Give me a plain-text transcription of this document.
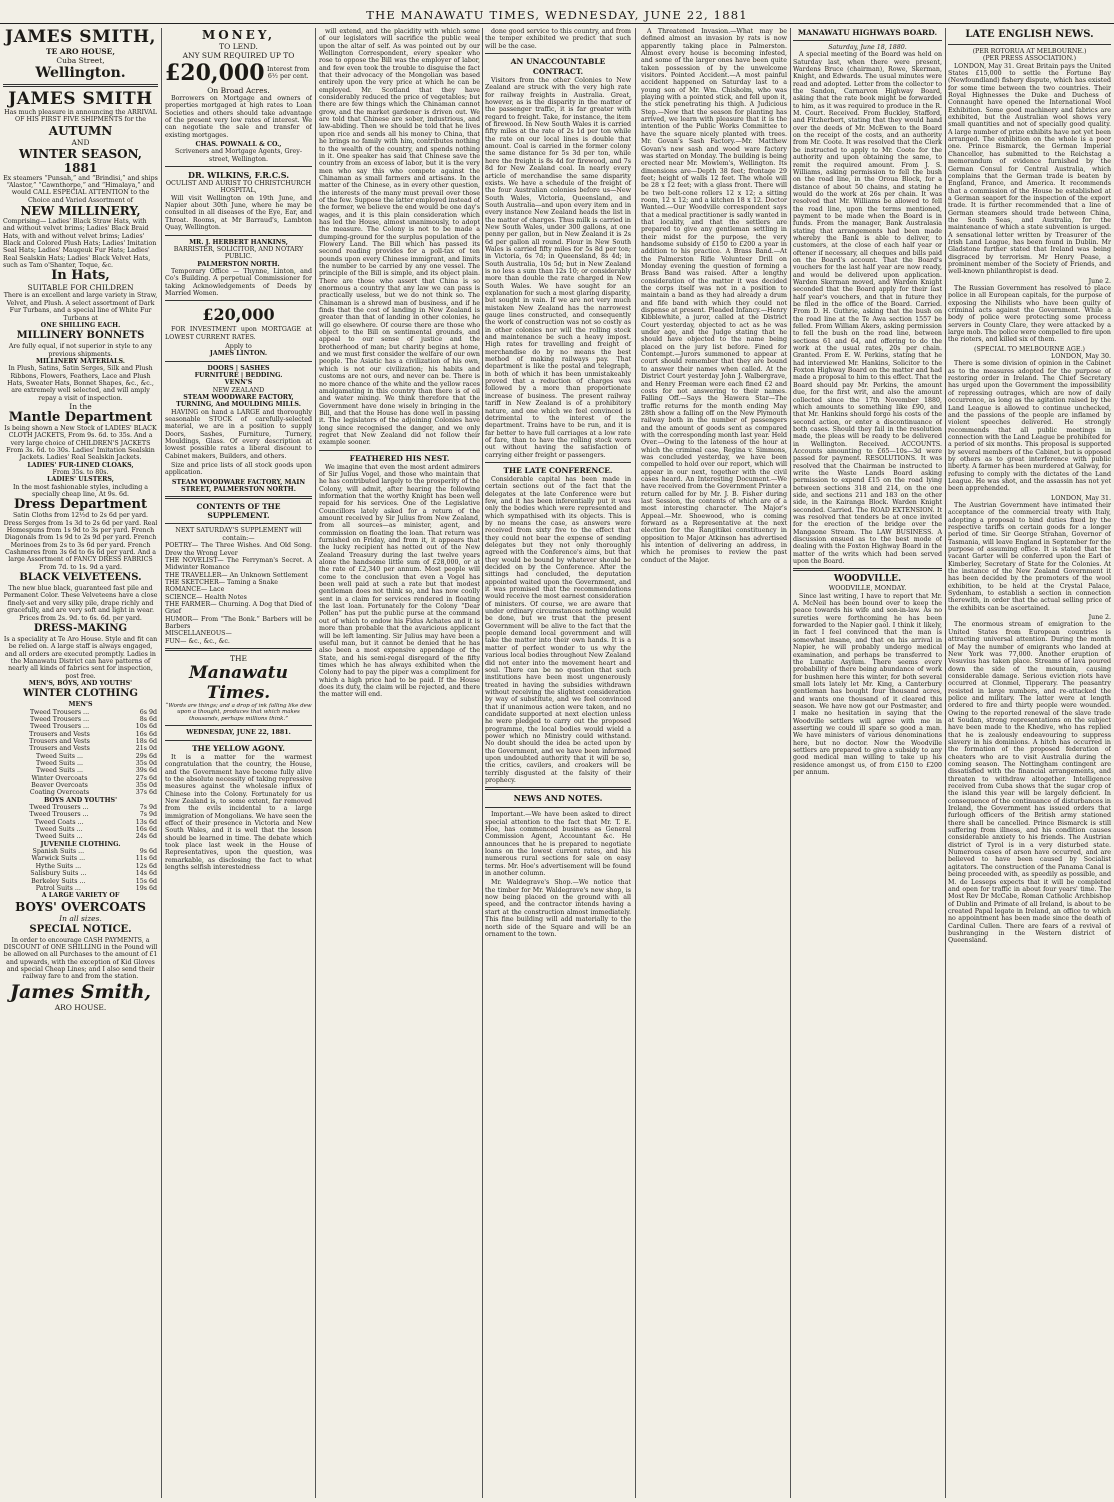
THE MANAWATU TIMES, WEDNESDAY, JUNE 22, 1881
JAMES SMITH,
TE ARO HOUSE,
Cuba Street,
Wellington.
JAMES SMITH
Has much pleasure in announcing the ARRIVAL OF HIS FIRST FIVE SHIPMENTS for the
AUTUMN
AND
WINTER SEASON,
1881
Ex steamers “Punsah,” and “Brindisi,” and ships “Alastor,” “Cawnthorpe,” and “Himalaya,” and would CALL ESPECIAL ATTENTION to the Choice and Varied Assortment of
NEW MILLINERY,
Comprising— Ladies' Black Straw Hats, with and without velvet brims; Ladies' Black Braid Hats, with and without velvet brims; Ladies' Black and Colored Plush Hats; Ladies' Imitation Seal Hats; Ladies' Maugeuk Fur Hats; Ladies' Real Sealskin Hats; Ladies' Black Velvet Hats, such as Tam o'Shanter, Toque, &c.
In Hats,
SUITABLE FOR CHILDREN
There is an excellent and large variety in Straw, Velvet, and Plush. A select assortment of Dark Fur Turbans, and a special line of White Fur Turbans at
ONE SHILLING EACH.
MILLINERY BONNETS
Are fully equal, if not superior in style to any previous shipments.
MILLINERY MATERIALS.
In Plush, Satins, Satin Serges, Silk and Plush Ribbons, Flowers, Feathers, Lace and Plush Hats, Sweater Hats, Bonnet Shapes, &c., &c., are extremely well selected, and will amply repay a visit of inspection.
In the
Mantle Department
Is being shown a New Stock of LADIES' BLACK CLOTH JACKETS, From 9s. 6d. to 35s. And a very large choice of CHILDREN'S JACKETS From 3s. 6d. to 30s. Ladies' Imitation Sealskin Jackets. Ladies' Real Sealskin Jackets.
LADIES' FUR-LINED CLOAKS,
From 35s. to 80s.
LADIES' ULSTERS,
In the most fashionable styles, including a specially cheap line, At 9s. 6d.
Dress Department
Satin Cloths from 12½d to 2s 6d per yard. Dress Serges from 1s 3d to 2s 6d per yard. Real Homespuns from 1s 9d to 3s per yard. French Diagonals from 1s 9d to 2s 9d per yard. French Merinoes from 2s to 3s 6d per yard. French Cashmeres from 3s 6d to 6s 6d per yard. And a large Assortment of FANCY DRESS FABRICS From 7d. to 1s. 9d a yard.
BLACK VELVETEENS.
The new blue black, guaranteed fast pile and Permanent Color. These Velveteens have a close finely-set and very silky pile, drape richly and gracefully, and are very soft and light in wear. Prices from 2s. 9d. to 6s. 6d. per yard.
DRESS-MAKING
Is a speciality at Te Aro House. Style and fit can be relied on. A large staff is always engaged, and all orders are executed promptly. Ladies in the Manawatu District can have patterns of nearly all kinds of fabrics sent for inspection, post free.
MEN'S, BOYS, AND YOUTHS'
WINTER CLOTHING
MEN'S
Tweed Trousers ...	6s 9d
Tweed Trousers ...	8s 6d
Tweed Trousers ...	10s 6d
Trousers and Vests	16s 6d
Trousers and Vests	18s 6d
Trousers and Vests	21s 0d
Tweed Suits ...	29s 6d
Tweed Suits ...	35s 0d
Tweed Suits ...	39s 6d
Winter Overcoats	27s 6d
Beaver Overcoats	35s 0d
Coating Overcoats	37s 6d
BOYS AND YOUTHS'
Tweed Trousers ...	7s 9d
Tweed Trousers ...	7s 9d
Tweed Coats ...	13s 6d
Tweed Suits ...	16s 6d
Tweed Suits ...	24s 6d
JUVENILE CLOTHING.
Spanish Suits ...	9s 6d
Warwick Suits ...	11s 6d
Hythe Suits ...	12s 6d
Salisbury Suits ...	14s 6d
Berkeley Suits ...	15s 6d
Patrol Suits ...	19s 6d
A LARGE VARIETY OF
BOYS' OVERCOATS
In all sizes.
SPECIAL NOTICE.
In order to encourage CASH PAYMENTS, a DISCOUNT of ONE SHILLING in the Pound will be allowed on all Purchases to the amount of £1 and upwards, with the exception of Kid Gloves and special Cheap Lines; and I also send their railway fare to and from the station.
James Smith,
ARO HOUSE.
MONEY,
TO LEND.
ANY SUM REQUIRED UP TO
£20,000 Interest from 6½ per cent.
On Broad Acres.
Borrowers on Mortgage and owners of properties mortgaged at high rates to Loan Societies and others should take advantage of the present very low rates of interest. We can negotiate the sale and transfer of existing mortgages.
CHAS. POWNALL & CO.,
Scriveners and Mortgage Agents, Grey-street, Wellington.
DR. WILKINS, F.R.C.S.
OCULIST AND AURIST TO CHRISTCHURCH HOSPITAL,
Will visit Wellington on 19th June, and Napier about 30th June, where he may be consulted in all diseases of the Eye, Ear, and Throat. Rooms, at Mr Barraud's, Lambton Quay, Wellington.
MR. J. HERBERT HANKINS,
BARRISTER, SOLICITOR, AND NOTARY PUBLIC.
PALMERSTON NORTH.
Temporary Office — Thynne, Linton, and Co's Building. A perpetual Commissioner for taking Acknowledgements of Deeds by Married Women.
£20,000
FOR INVESTMENT upon MORTGAGE at LOWEST CURRENT RATES.
Apply to
JAMES LINTON.
DOORS | SASHES
FURNITURE | BEDDING.
VENN'S
NEW ZEALAND
STEAM WOODWARE FACTORY, TURNING, And MOULDING MILLS.
HAVING on hand a LARGE and thoroughly seasonable STOCK of carefully-selected material, we are in a position to supply Doors, Sashes, Furniture, Turnery, Mouldings, Glass. Of every description at lowest possible rates a liberal discount to Cabinet makers, Builders, and others.
Size and price lists of all stock goods upon application.
STEAM WOODWARE FACTORY, MAIN STREET, PALMERSTON NORTH.
CONTENTS OF THE SUPPLEMENT.
NEXT SATURDAY'S SUPPLEMENT will contain:—
POETRY— The Three Wishes. And Old Song. Drew the Wrong Lever
THE NOVELIST— The Ferryman's Secret. A Midwinter Romance
THE TRAVELLER— An Unknown Settlement
THE SKETCHER— Taming a Snake
ROMANCE— Lace
SCIENCE— Health Notes
THE FARMER— Churning. A Dog that Died of Grief
HUMOR— From “The Bonk.” Barbers will be Barbers
MISCELLANEOUS—
FUN— &c., &c., &c.
THE
Manawatu Times.
“Words are things; and a drop of ink falling like dew upon a thought, produces that which makes thousands, perhaps millions think.”
WEDNESDAY, JUNE 22, 1881.
THE YELLOW AGONY.
It is a matter for the warmest congratulation that the country, the House, and the Government have become fully alive to the absolute necessity of taking repressive measures against the wholesale influx of Chinese into the Colony. Fortunately for us New Zealand is, to some extent, far removed from the evils incidental to a large immigration of Mongolians. We have seen the effect of their presence in Victoria and New South Wales, and it is well that the lesson should be learned in time. The debate which took place last week in the House of Representatives, upon the question, was remarkable, as disclosing the fact to what lengths selfish interestedness
will extend, and the placidity with which some of our legislators will sacrifice the public weal upon the altar of self. As was pointed out by our Wellington Correspondent, every speaker who rose to oppose the Bill was the employer of labor, and few even took the trouble to disguise the fact that their advocacy of the Mongolian was based entirely upon the very price at which he can be employed. Mr. Scotland that they have considerably reduced the price of vegetables; but there are few things which the Chinaman cannot grow, and the market gardener is driven out. We are told that Chinese are sober, industrious, and law-abiding. Then we should be told that he lives upon rice and sends all his money to China, that he brings no family with him, contributes nothing to the wealth of the country, and spends nothing in it. One speaker has said that Chinese save the country from an excess of labor, but it is the very men who say this who compete against the Chinaman as small farmers and artisans. In the matter of the Chinese, as in every other question, the interests of the many must prevail over those of the few. Suppose the latter employed instead of the former, we believe the end would be one day's wages, and it is this plain consideration which has led the House, almost unanimously, to adopt the measure. The Colony is not to be made a dumping-ground for the surplus population of the Flowery Land. The Bill which has passed its second reading provides for a poll-tax of ten pounds upon every Chinese immigrant, and limits the number to be carried by any one vessel. The principle of the Bill is simple, and its object plain. There are those who assert that China is so enormous a country that any law we can pass is practically useless, but we do not think so. The Chinaman is a shrewd man of business, and if he finds that the cost of landing in New Zealand is greater than that of landing in other colonies, he will go elsewhere. Of course there are those who object to the Bill on sentimental grounds, and appeal to our sense of justice and the brotherhood of man; but charity begins at home, and we must first consider the welfare of our own people. The Asiatic has a civilization of his own, which is not our civilization; his habits and customs are not ours, and never can be. There is no more chance of the white and the yellow races amalgamating in this country than there is of oil and water mixing. We think therefore that the Government have done wisely in bringing in the Bill, and that the House has done well in passing it. The legislators of the adjoining Colonies have long since recognised the danger, and we only regret that New Zealand did not follow their example sooner.
FEATHERED HIS NEST.
We imagine that even the most ardent admirers of Sir Julius Vogel, and those who maintain that he has contributed largely to the prosperity of the Colony, will admit, after hearing the following information that the worthy Knight has been well repaid for his services. One of the Legislative Councillors lately asked for a return of the amount received by Sir Julius from New Zealand, from all sources—as minister, agent, and commission on floating the loan. That return was furnished on Friday, and from it, it appears that the lucky recipient has netted out of the New Zealand Treasury during the last twelve years alone the handsome little sum of £28,000, or at the rate of £2,340 per annum. Most people will come to the conclusion that even a Vogel has been well paid at such a rate but that modest gentleman does not think so, and has now coolly sent in a claim for services rendered in floating the last loan. Fortunately for the Colony “Dear Pollen” has put the public purse at the command out of which to endow his Fidus Achates and it is more than probable that the avaricious applicant will be left lamenting. Sir Julius may have been a useful man, but it cannot be denied that he has also been a most expensive appendage of the State, and his semi-regal disregard of the fifty times which he has always exhibited when the Colony had to pay the piper was a compliment for which a high price had to be paid. If the House does its duty, the claim will be rejected, and there the matter will end.
done good service to this country, and from the temper exhibited we predict that such will be the case.
AN UNACCOUNTABLE CONTRACT.
Visitors from the other Colonies to New Zealand are struck with the very high rate for railway freights in Australia. Great, however, as is the disparity in the matter of the passenger traffic, it is far greater with regard to freight. Take, for instance, the item of firewood. In New South Wales it is carried fifty miles at the rate of 2s 1d per ton while the rate on our local lines is double that amount. Coal is carried in the former colony the same distance for 5s 3d per ton, while here the freight is 8s 4d for firewood, and 7s 8d for New Zealand coal. In nearly every article of merchandise the same disparity exists. We have a schedule of the freight of the four Australian colonies before us—New South Wales, Victoria, Queensland, and South Australia—and upon every item and in every instance New Zealand heads the list in the matter of charges. Thus milk is carried in New South Wales, under 300 gallons, at one penny per gallon, but in New Zealand it is 2s 6d per gallon all round. Flour in New South Wales is carried fifty miles for 5s 8d per ton; in Victoria, 6s 7d; in Queensland, 8s 4d; in South Australia, 10s 5d; but in New Zealand is no less a sum than 12s 10; or considerably more than double the rate charged in New South Wales. We have sought for an explanation for such a most glaring disparity, but sought in vain. If we are not very much mistaken New Zealand has the narrowest gauge lines constructed, and consequently the work of construction was not so costly as in other colonies nor will the rolling stock and maintenance be such a heavy impost. High rates for travelling and freight of merchandise do by no means the best method of making railways pay. That department is like the postal and telegraph, in both of which it has been unmistakeably proved that a reduction of charges was followed by a more than proportionate increase of business. The present railway tariff in New Zealand is of a prohibitory nature, and one which we feel convinced is detrimental to the interest of the department. Trains have to be run, and it is far better to have full carriages at a low rate of fare, than to have the rolling stock worn out without having the satisfaction of carrying either freight or passengers.
THE LATE CONFERENCE.
Considerable capital has been made in certain sections out of the fact that the delegates at the late Conference were but few, and it has been inferentially put it was only the bodies which were represented and which sympathised with its objects. This is by no means the case, as answers were received from sixty five to the effect that they could not bear the expense of sending delegates but they not only thoroughly agreed with the Conference's aims, but that they would be bound by whatever should be decided on by the Conference. After the sittings had concluded, the deputation appointed waited upon the Government, and it was promised that the recommendations would receive the most earnest consideration of ministers. Of course, we are aware that under ordinary circumstances nothing would be done, but we trust that the present Government will be alive to the fact that the people demand local government and will take the matter into their own hands. It is a matter of perfect wonder to us why the various local bodies throughout New Zealand did not enter into the movement heart and soul. There can be no question that such institutions have been most ungenerously treated in having the subsidies withdrawn without receiving the slightest consideration by way of substitute, and we feel convinced that if unanimous action were taken, and no candidate supported at next election unless he were pledged to carry out the proposed programme, the local bodies would wield a power which no Ministry could withstand. No doubt should the idea be acted upon by the Government, and we have been informed upon undoubted authority that it will be so, the critics, cavilers, and croakers will be terribly disgusted at the falsity of their prophecy.
NEWS AND NOTES.
Important.—We have been asked to direct special attention to the fact that Mr. T. E. Hoe, has commenced business as General Commission Agent, Accountant &c. He announces that he is prepared to negotiate loans on the lowest current rates, and his numerous rural sections for sale on easy terms. Mr. Hoe's advertisement will be found in another column.
Mr. Waldegrave's Shop.—We notice that the timber for Mr. Waldegrave's new shop, is now being placed on the ground with all speed, and the contractor intends having a start at the construction almost immediately. This fine building will add materially to the north side of the Square and will be an ornament to the town.
A Threatened Invasion.—What may be defined almost an invasion by rats is now apparently taking place in Palmerston. Almost every house is becoming infested, and some of the larger ones have been quite taken possession of by the unwelcome visitors. Pointed Accident.—A most painful accident happened on Saturday last to a young son of Mr. Wm. Chisholm, who was playing with a pointed stick, and fell upon it, the stick penetrating his thigh. A Judicious Step.—Now that the season for planting has arrived, we learn with pleasure that it is the intention of the Public Works Committee to have the square nicely planted with trees. Mr. Govan's Sash Factory.—Mr. Matthew Govan's new sash and wood ware factory was started on Monday. The building is being erected near Mr. Mowlem's, Wellington. Its dimensions are—Depth 38 feet; frontage 29 feet; height of walls 12 feet. The whole will be 28 x 12 feet; with a glass front. There will be two belt-cone rollers 12 x 12; a sitting room, 12 x 12; and a kitchen 18 x 12. Doctor Wanted.—Our Woodville correspondent says that a medical practitioner is sadly wanted in that locality, and that the settlers are prepared to give any gentleman settling in their midst for the purpose, the very handsome subsidy of £150 to £200 a year in addition to his practice. A Brass Band.—At the Palmerston Rifle Volunteer Drill on Monday evening the question of forming a Brass Band was raised. After a lengthy consideration of the matter it was decided the corps itself was not in a position to maintain a band as they had already a drum and fife band with which they could not dispense at present. Pleaded Infancy.—Henry Kibblewhite, a juror, called at the District Court yesterday, objected to act as he was under age, and the Judge stating that he should have objected to the name being placed on the jury list before. Fined for Contempt.—Jurors summoned to appear at court should remember that they are bound to answer their names when called. At the District Court yesterday John J. Walbergrave, and Henry Freeman were each fined £2 and costs for not answering to their names. Falling Off.—Says the Hawera Star—The traffic returns for the month ending May 28th show a falling off on the New Plymouth railway both in the number of passengers and the amount of goods sent as compared with the corresponding month last year. Held Over.—Owing to the lateness of the hour at which the criminal case, Regina v. Simmons, was concluded yesterday, we have been compelled to hold over our report, which will appear in our next, together with the civil cases heard. An Interesting Document.—We have received from the Government Printer a return called for by Mr. J. B. Fisher during last Session, the contents of which are of a most interesting character. The Major's Appeal.—Mr. Shoewood, who is coming forward as a Representative at the next election for the Rangitikei constituency in opposition to Major Atkinson has advertised his intention of delivering an address, in which he promises to review the past conduct of the Major.
MANAWATU HIGHWAYS BOARD.
Saturday, June 18, 1880.
A special meeting of the Board was held on Saturday last, when there were present, Wardens Bruce (chairman), Rowe, Skerman, Knight, and Edwards. The usual minutes were read and adopted. Letter from the collector to the Sandon, Carnarvon Highway Board, asking that the rate book might be forwarded to him, as it was required to produce in the R. M. Court. Received. From Buckley, Stafford, and Fitzherbert, stating that they would hand over the deeds of Mr. McEwen to the Board on the receipt of the costs, and an authority from Mr. Coote. It was resolved that the Clerk be instructed to apply to Mr. Coote for the authority and upon obtaining the same, to remit the required amount. From J. S. Williams, asking permission to fell the bush on the road line, in the Oroua Block, for a distance of about 50 chains, and stating he would do the work at 26s per chain. It was resolved that Mr. Williams be allowed to fell the road line, upon the terms mentioned, payment to be made when the Board is in funds. From the manager, Bank Australasia stating that arrangements had been made whereby the Bank is able to deliver, to customers, at the close of each half year or oftener if necessary, all cheques and bills paid on the Board's account. That the Board's vouchers for the last half year are now ready, and would be delivered upon application. Warden Skerman moved, and Warden Knight seconded that the Board apply for their last half year's vouchers, and that in future they be filed in the office of the Board. Carried. From D. H. Guthrie, asking that the bush on the road line at the Te Awa section 1557 be felled. From William Akers, asking permission to fell the bush on the road line, between sections 61 and 64, and offering to do the work at the usual rates, 20s per chain. Granted. From E. W. Perkins, stating that he had interviewed Mr. Hankins, Solicitor to the Foxton Highway Board on the matter and had made a proposal to him to this effect. That the Board should pay Mr. Perkins, the amount due, for the first writ, and also the amount collected since the 17th November 1880, which amounts to something like £90, and that Mr. Hankins should forgo his costs of the second action, or enter a discontinuance of both cases. Should they fail in the resolution made, the pleas will be ready to be delivered in Wellington. Received. ACCOUNTS. Accounts amounting to £65—10s—3d were passed for payment. RESOLUTIONS. It was resolved that the Chairman be instructed to write the Waste Lands Board asking permission to expend £15 on the road lying between sections 318 and 214, on the one side, and sections 211 and 183 on the other side, in the Kairanga Block. Warden Knight seconded. Carried. The ROAD EXTENSION. It was resolved that tenders be at once invited for the erection of the bridge over the Mangaone Stream. The LAW BUSINESS. A discussion ensued as to the best mode of dealing with the Foxton Highway Board in the matter of the writs which had been served upon the Board.
WOODVILLE.
WOODVILLE, MONDAY.
Since last writing, I have to report that Mr. A. McNeil has been bound over to keep the peace towards his wife and son-in-law. As no sureties were forthcoming he has been forwarded to the Napier gaol. I think it likely, in fact I feel convinced that the man is somewhat insane, and that on his arrival in Napier, he will probably undergo medical examination, and perhaps be transferred to the Lunatic Asylum. There seems every probability of there being abundance of work for bushmen here this winter, for both several small lots lately let Mr. King, a Canterbury gentleman has bought four thousand acres, and wants one thousand of it cleared this season. We have now got our Postmaster, and I make no hesitation in saying that the Woodville settlers will agree with me in asserting we could ill spare so good a man. We have ministers of various denominations here, but no doctor. Now the Woodville settlers are prepared to give a subsidy to any good medical man willing to take up his residence amongst us, of from £150 to £200 per annum.
LATE ENGLISH NEWS.
(PER ROTORUA AT MELBOURNE.)
(PER PRESS ASSOCIATION.)
LONDON, May 31. Great Britain pays the United States £15,000 to settle the Fortune Bay (Newfoundland) fishery dispute, which has existed for some time between the two countries. Their Royal Highnesses the Duke and Duchess of Connaught have opened the International Wool Exhibition. Some good machinery and fabrics are exhibited, but the Australian wool shows very small quantities and not of specially good quality. A large number of prize exhibits have not yet been arranged. The exhibition on the whole is a poor one. Prince Bismarck, the German Imperial Chancellor, has submitted to the Reichstag a memorandum of evidence furnished by the German Consul for Central Australia, which complains that the German trade is beaten by England, France, and America. It recommends that a commission of the House be established at a German seaport for the inspection of the export trade. It is further recommended that a line of German steamers should trade between China, the South Seas, and Australia, for the maintenance of which a state subvention is urged. A sensational letter written by Treasurer of the Irish Land League, has been found in Dublin. Mr Gladstone further stated that Ireland was being disgraced by terrorism. Mr Henry Pease, a prominent member of the Society of Friends, and well-known philanthropist is dead.
June 2.
The Russian Government has resolved to place police in all European capitals, for the purpose of exposing the Nihilists who have been guilty of criminal acts against the Government. While a body of police were protecting some process servers in County Clare, they were attacked by a large mob. The police were compelled to fire upon the rioters, and killed six of them.
(SPECIAL TO MELBOURNE AGE.)
LONDON, May 30.
There is some division of opinion in the Cabinet as to the measures adopted for the purpose of restoring order in Ireland. The Chief Secretary has urged upon the Government the impossibility of repressing outrages, which are now of daily occurrence, as long as the agitation raised by the Land League is allowed to continue unchecked, and the passions of the people are inflamed by violent speeches delivered. He strongly recommends that all public meetings in connection with the Land League be prohibited for a period of six months. This proposal is supported by several members of the Cabinet, but is opposed by others as to great interference with public liberty. A farmer has been murdered at Galway, for refusing to comply with the dictates of the Land League. He was shot, and the assassin has not yet been apprehended.
LONDON, May 31.
The Austrian Government have intimated their acceptance of the commercial treaty with Italy, adopting a proposal to bind duties fixed by the respective tariffs on certain goods for a longer period of time. Sir George Strahan, Governor of Tasmania, will leave England in September for the purpose of assuming office. It is stated that the vacant Garter will be conferred upon the Earl of Kimberley, Secretary of State for the Colonies. At the instance of the New Zealand Government it has been decided by the promoters of the wool exhibition, to be held at the Crystal Palace, Sydenham, to establish a section in connection therewith, in order that the actual selling price of the exhibits can be ascertained.
June 2.
The enormous stream of emigration to the United States from European countries is attracting universal attention. During the month of May the number of emigrants who landed at New York was 77,000. Another eruption of Vesuvius has taken place. Streams of lava poured down the side of the mountain, causing considerable damage. Serious eviction riots have occurred at Clonmel, Tipperary. The peasantry resisted in large numbers, and re-attacked the police and military. The latter were at length ordered to fire and thirty people were wounded. Owing to the reported renewal of the slave trade at Soudan, strong representations on the subject have been made to the Khedive, who has replied that he is zealously endeavouring to suppress slavery in his dominions. A hitch has occurred in the formation of the proposed federation of cheaters who are to visit Australia during the coming season. The Nottingham contingent are dissatisfied with the financial arrangements, and threaten to withdraw altogether. Intelligence received from Cuba shows that the sugar crop of the island this year will be largely deficient. In consequence of the continuance of disturbances in Ireland, the Government has issued orders that furlough officers of the British army stationed there shall be cancelled. Prince Bismarck is still suffering from illness, and his condition causes considerable anxiety to his friends. The Austrian district of Tyrol is in a very disturbed state. Numerous cases of arson have occurred, and are believed to have been caused by Socialist agitators. The construction of the Panama Canal is being proceeded with, as speedily as possible, and M. de Lesseps expects that it will be completed and open for traffic in about four years' time. The Most Rev Dr McCabe, Roman Catholic Archbishop of Dublin and Primate of all Ireland, is about to be created Papal legate in Ireland, an office to which no appointment has been made since the death of Cardinal Cullen. There are fears of a revival of bushranging in the Western district of Queensland.
